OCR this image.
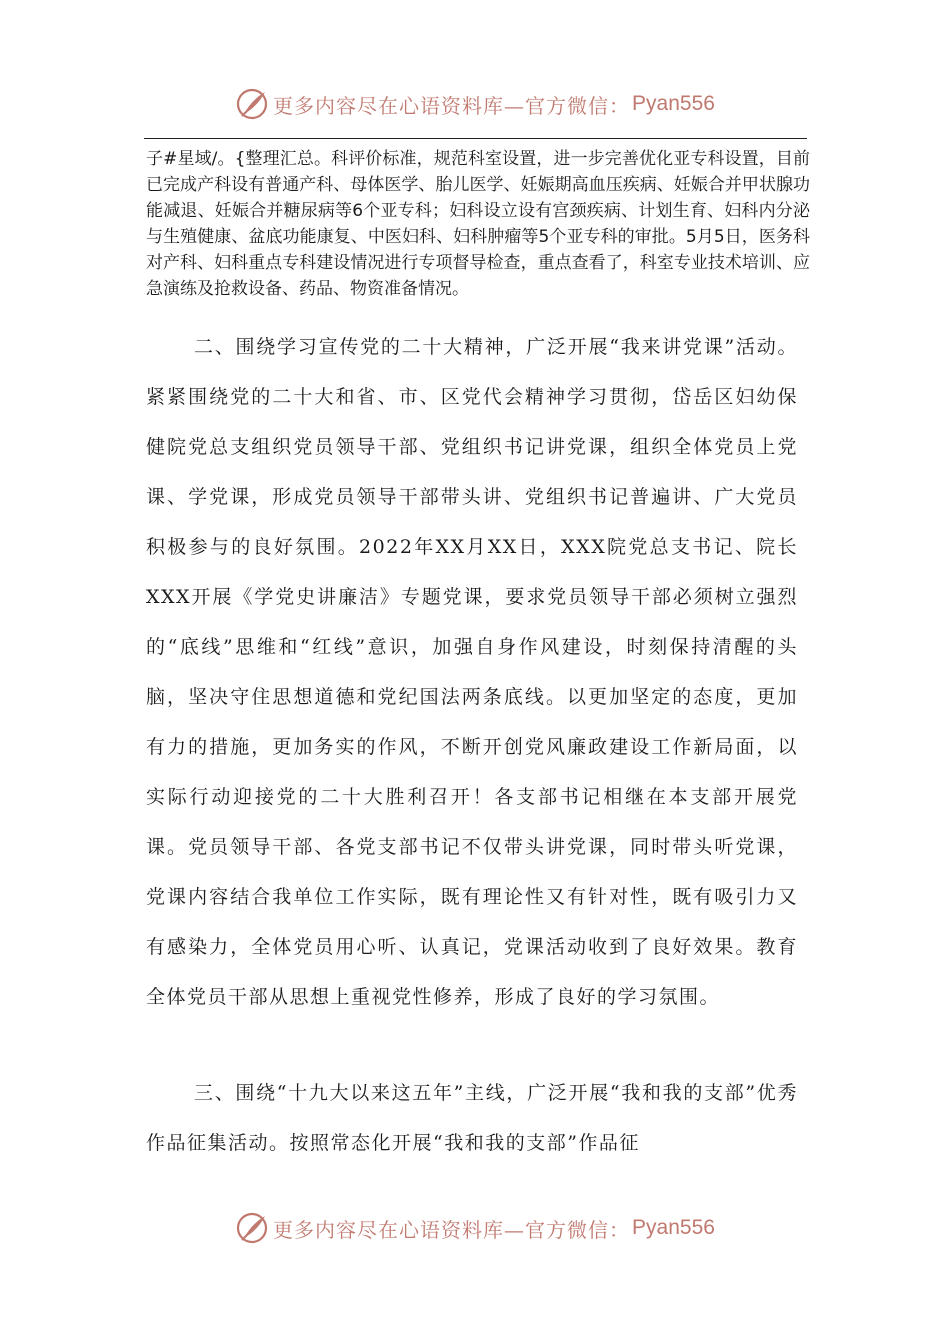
更多内容尽在心语资料库—官方微信： Pyan556

子#星域/。{整理汇总。科评价标准，规范科室设置，进一步完善优化亚专科设置，目前已完成产科设有普通产科、母体医学、胎儿医学、妊娠期高血压疾病、妊娠合并甲状腺功能减退、妊娠合并糖尿病等6个亚专科；妇科设立设有宫颈疾病、计划生育、妇科内分泌与生殖健康、盆底功能康复、中医妇科、妇科肿瘤等5个亚专科的审批。5月5日，医务科对产科、妇科重点专科建设情况进行专项督导检查，重点查看了，科室专业技术培训、应急演练及抢救设备、药品、物资准备情况。

二、围绕学习宣传党的二十大精神，广泛开展“我来讲党课”活动。紧紧围绕党的二十大和省、市、区党代会精神学习贯彻，岱岳区妇幼保健院党总支组织党员领导干部、党组织书记讲党课，组织全体党员上党课、学党课，形成党员领导干部带头讲、党组织书记普遍讲、广大党员积极参与的良好氛围。2022年XX月XX日，XXX院党总支书记、院长XXX开展《学党史讲廉洁》专题党课，要求党员领导干部必须树立强烈的“底线”思维和“红线”意识，加强自身作风建设，时刻保持清醒的头脑，坚决守住思想道德和党纪国法两条底线。以更加坚定的态度，更加有力的措施，更加务实的作风，不断开创党风廉政建设工作新局面，以实际行动迎接党的二十大胜利召开！各支部书记相继在本支部开展党课。党员领导干部、各党支部书记不仅带头讲党课，同时带头听党课，党课内容结合我单位工作实际，既有理论性又有针对性，既有吸引力又有感染力，全体党员用心听、认真记，党课活动收到了良好效果。教育全体党员干部从思想上重视党性修养，形成了良好的学习氛围。

三、围绕“十九大以来这五年”主线，广泛开展“我和我的支部”优秀作品征集活动。按照常态化开展“我和我的支部”作品征

更多内容尽在心语资料库—官方微信： Pyan556
